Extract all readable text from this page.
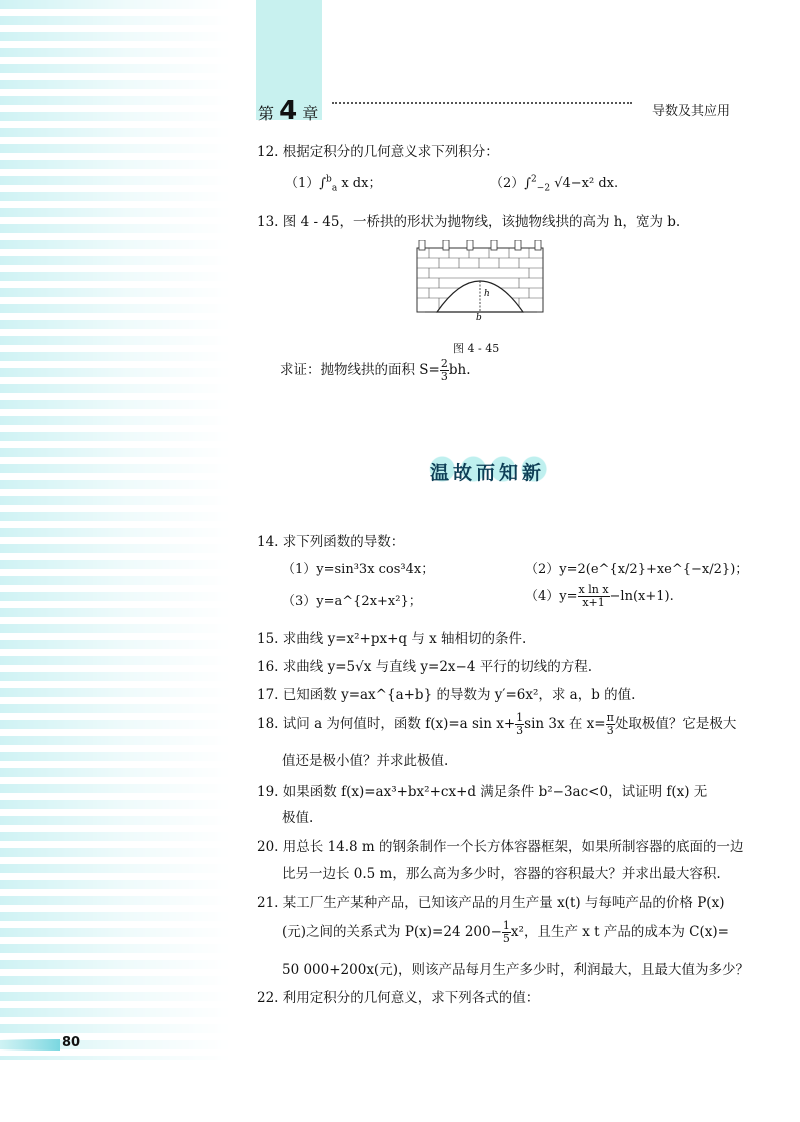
第 4 章	导数及其应用
12. 根据定积分的几何意义求下列积分：
（1）∫$^b_a$ x dx；	（2）∫$^2_{-2}$ √4−x² dx.
13. 图 4 - 45，一桥拱的形状为抛物线，该抛物线拱的高为 h，宽为 b.
h
b
图 4 - 45
求证：抛物线拱的面积 $S= \frac{2}{3}$ bh.
温故而知新
14. 求下列函数的导数：
（1）y=sin³3x cos³4x；	（2）y=2(e^{x/2}+xe^{−x/2})；
（3）y=a^{2x+x²}；	$(4)y= \frac{\text{x ln x}}{x+1} -\ln(x+1)$.
15. 求曲线 y=x²+px+q 与 x 轴相切的条件.
16. 求曲线 y=5√x 与直线 y=2x−4 平行的切线的方程.
17. 已知函数 y=ax^{a+b} 的导数为 y′=6x²，求 a，b 的值.
18. 试问 a 为何值时，函数 f(x)=a $\sin x+ \frac{1}{3}$ sin 3x 在 $x= \frac{\pi}{3}$ 处取极值？它是极大
值还是极小值？并求此极值.
19. 如果函数 f(x)=ax³+bx²+cx+d 满足条件 b²−3ac<0，试证明 f(x) 无
极值.
20. 用总长 14.8 m 的钢条制作一个长方体容器框架，如果所制容器的底面的一边
比另一边长 0.5 m，那么高为多少时，容器的容积最大？并求出最大容积.
21. 某工厂生产某种产品，已知该产品的月生产量 x(t) 与每吨产品的价格 P(x)
(元)之间的关系式为 P(x)=24 $200- \frac{1}{5} x^2$，且生产 x t 产品的成本为 C(x)=
50 000+200x(元)，则该产品每月生产多少时，利润最大，且最大值为多少？
22. 利用定积分的几何意义，求下列各式的值：
80
